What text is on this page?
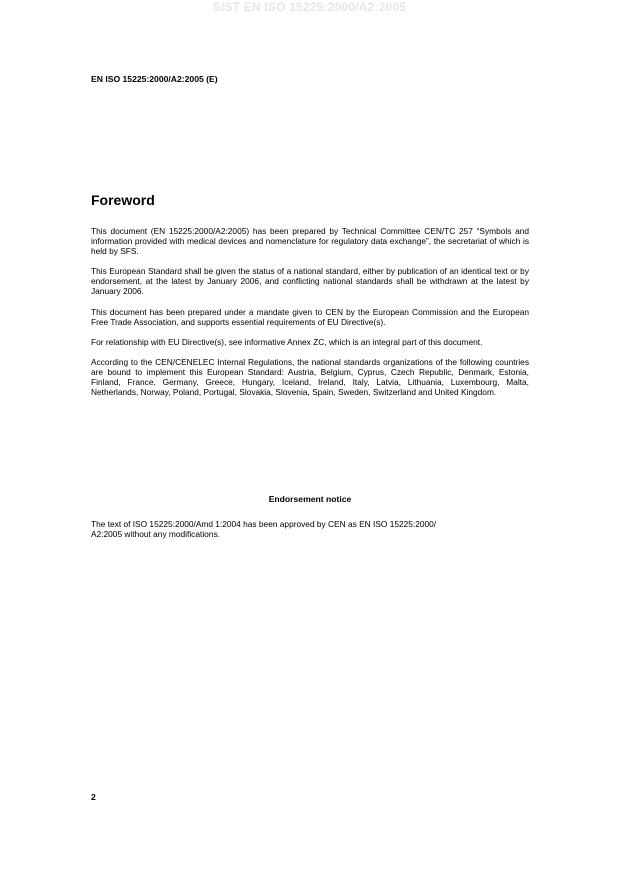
SIST EN ISO 15225:2000/A2:2005
EN ISO 15225:2000/A2:2005 (E)
Foreword

This document (EN 15225:2000/A2:2005) has been prepared by Technical Committee CEN/TC 257 “Symbols and information provided with medical devices and nomenclature for regulatory data exchange”, the secretariat of which is held by SFS.

This European Standard shall be given the status of a national standard, either by publication of an identical text or by endorsement, at the latest by January 2006, and conflicting national standards shall be withdrawn at the latest by January 2006.

This document has been prepared under a mandate given to CEN by the European Commission and the European Free Trade Association, and supports essential requirements of EU Directive(s).

For relationship with EU Directive(s), see informative Annex ZC, which is an integral part of this document.

According to the CEN/CENELEC Internal Regulations, the national standards organizations of the following countries are bound to implement this European Standard: Austria, Belgium, Cyprus, Czech Republic, Denmark, Estonia, Finland, France, Germany, Greece, Hungary, Iceland, Ireland, Italy, Latvia, Lithuania, Luxembourg, Malta, Netherlands, Norway, Poland, Portugal, Slovakia, Slovenia, Spain, Sweden, Switzerland and United Kingdom.

Endorsement notice

The text of ISO 15225:2000/Amd 1:2004 has been approved by CEN as EN ISO 15225:2000/
A2:2005 without any modifications.

2
